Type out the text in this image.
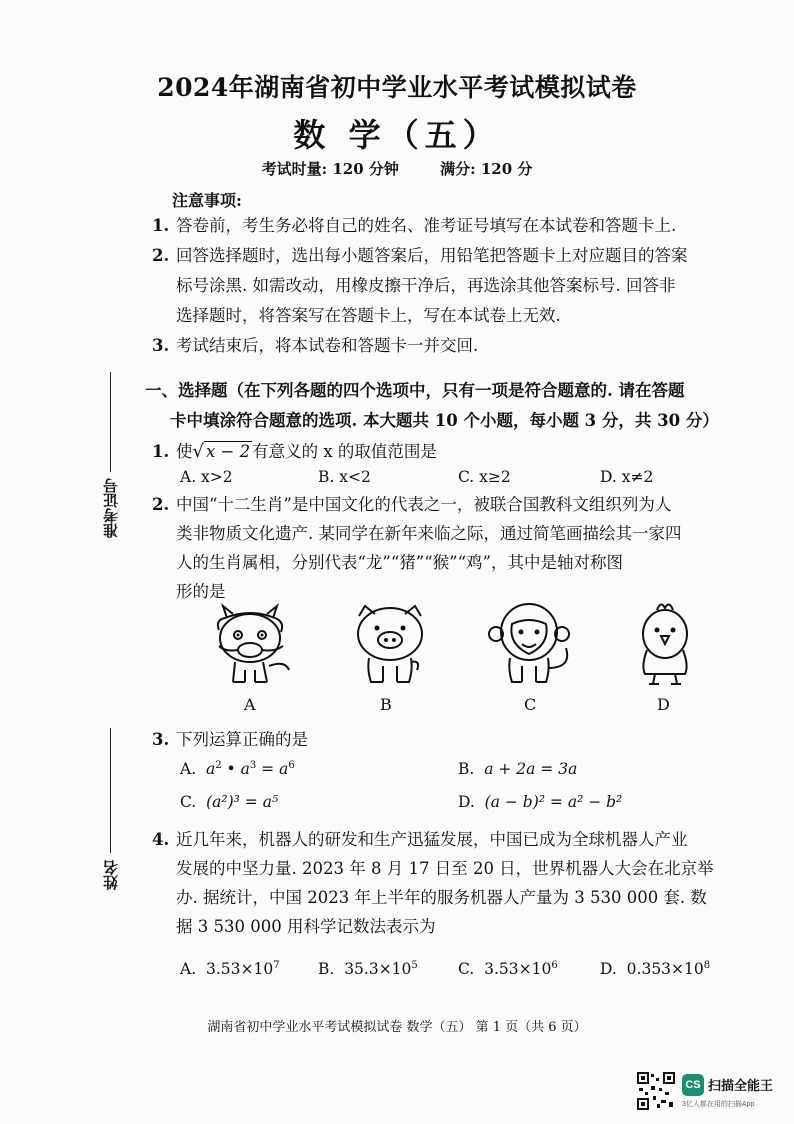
2024年湖南省初中学业水平考试模拟试卷
数 学（五）
考试时量: 120 分钟	满分: 120 分
准考证号
姓名
注意事项:
1. 答卷前，考生务必将自己的姓名、准考证号填写在本试卷和答题卡上.
2. 回答选择题时，选出每小题答案后，用铅笔把答题卡上对应题目的答案
标号涂黑. 如需改动，用橡皮擦干净后，再选涂其他答案标号. 回答非
选择题时，将答案写在答题卡上，写在本试卷上无效.
3. 考试结束后，将本试卷和答题卡一并交回.
一、选择题（在下列各题的四个选项中，只有一项是符合题意的. 请在答题
卡中填涂符合题意的选项. 本大题共 10 个小题，每小题 3 分，共 30 分）
1. 使√ x − 2 有意义的 x 的取值范围是
A. x>2	B. x<2	C. x≥2	D. x≠2
2. 中国“十二生肖”是中国文化的代表之一，被联合国教科文组织列为人
类非物质文化遗产. 某同学在新年来临之际，通过简笔画描绘其一家四
人的生肖属相，分别代表“龙”“猪”“猴”“鸡”，其中是轴对称图
形的是
A	B	C	D
3. 下列运算正确的是
A. $a^2$ • $a^3 = a^6$	B. a + 2a = 3a
C. (a²)³ = a⁵	D. (a − b)² = a² − b²
4. 近几年来，机器人的研发和生产迅猛发展，中国已成为全球机器人产业
发展的中坚力量. 2023 年 8 月 17 日至 20 日，世界机器人大会在北京举
办. 据统计，中国 2023 年上半年的服务机器人产量为 3 530 000 套. 数
据 3 530 000 用科学记数法表示为
A. $3.53\times 10^7$ B. $35.3\times 10^5$	C. $3.53\times 10^6$	D. $0.353\times 10^8$
湖南省初中学业水平考试模拟试卷 数学（五） 第 1 页（共 6 页）
CS 扫描全能王
3亿人都在用的扫描App
